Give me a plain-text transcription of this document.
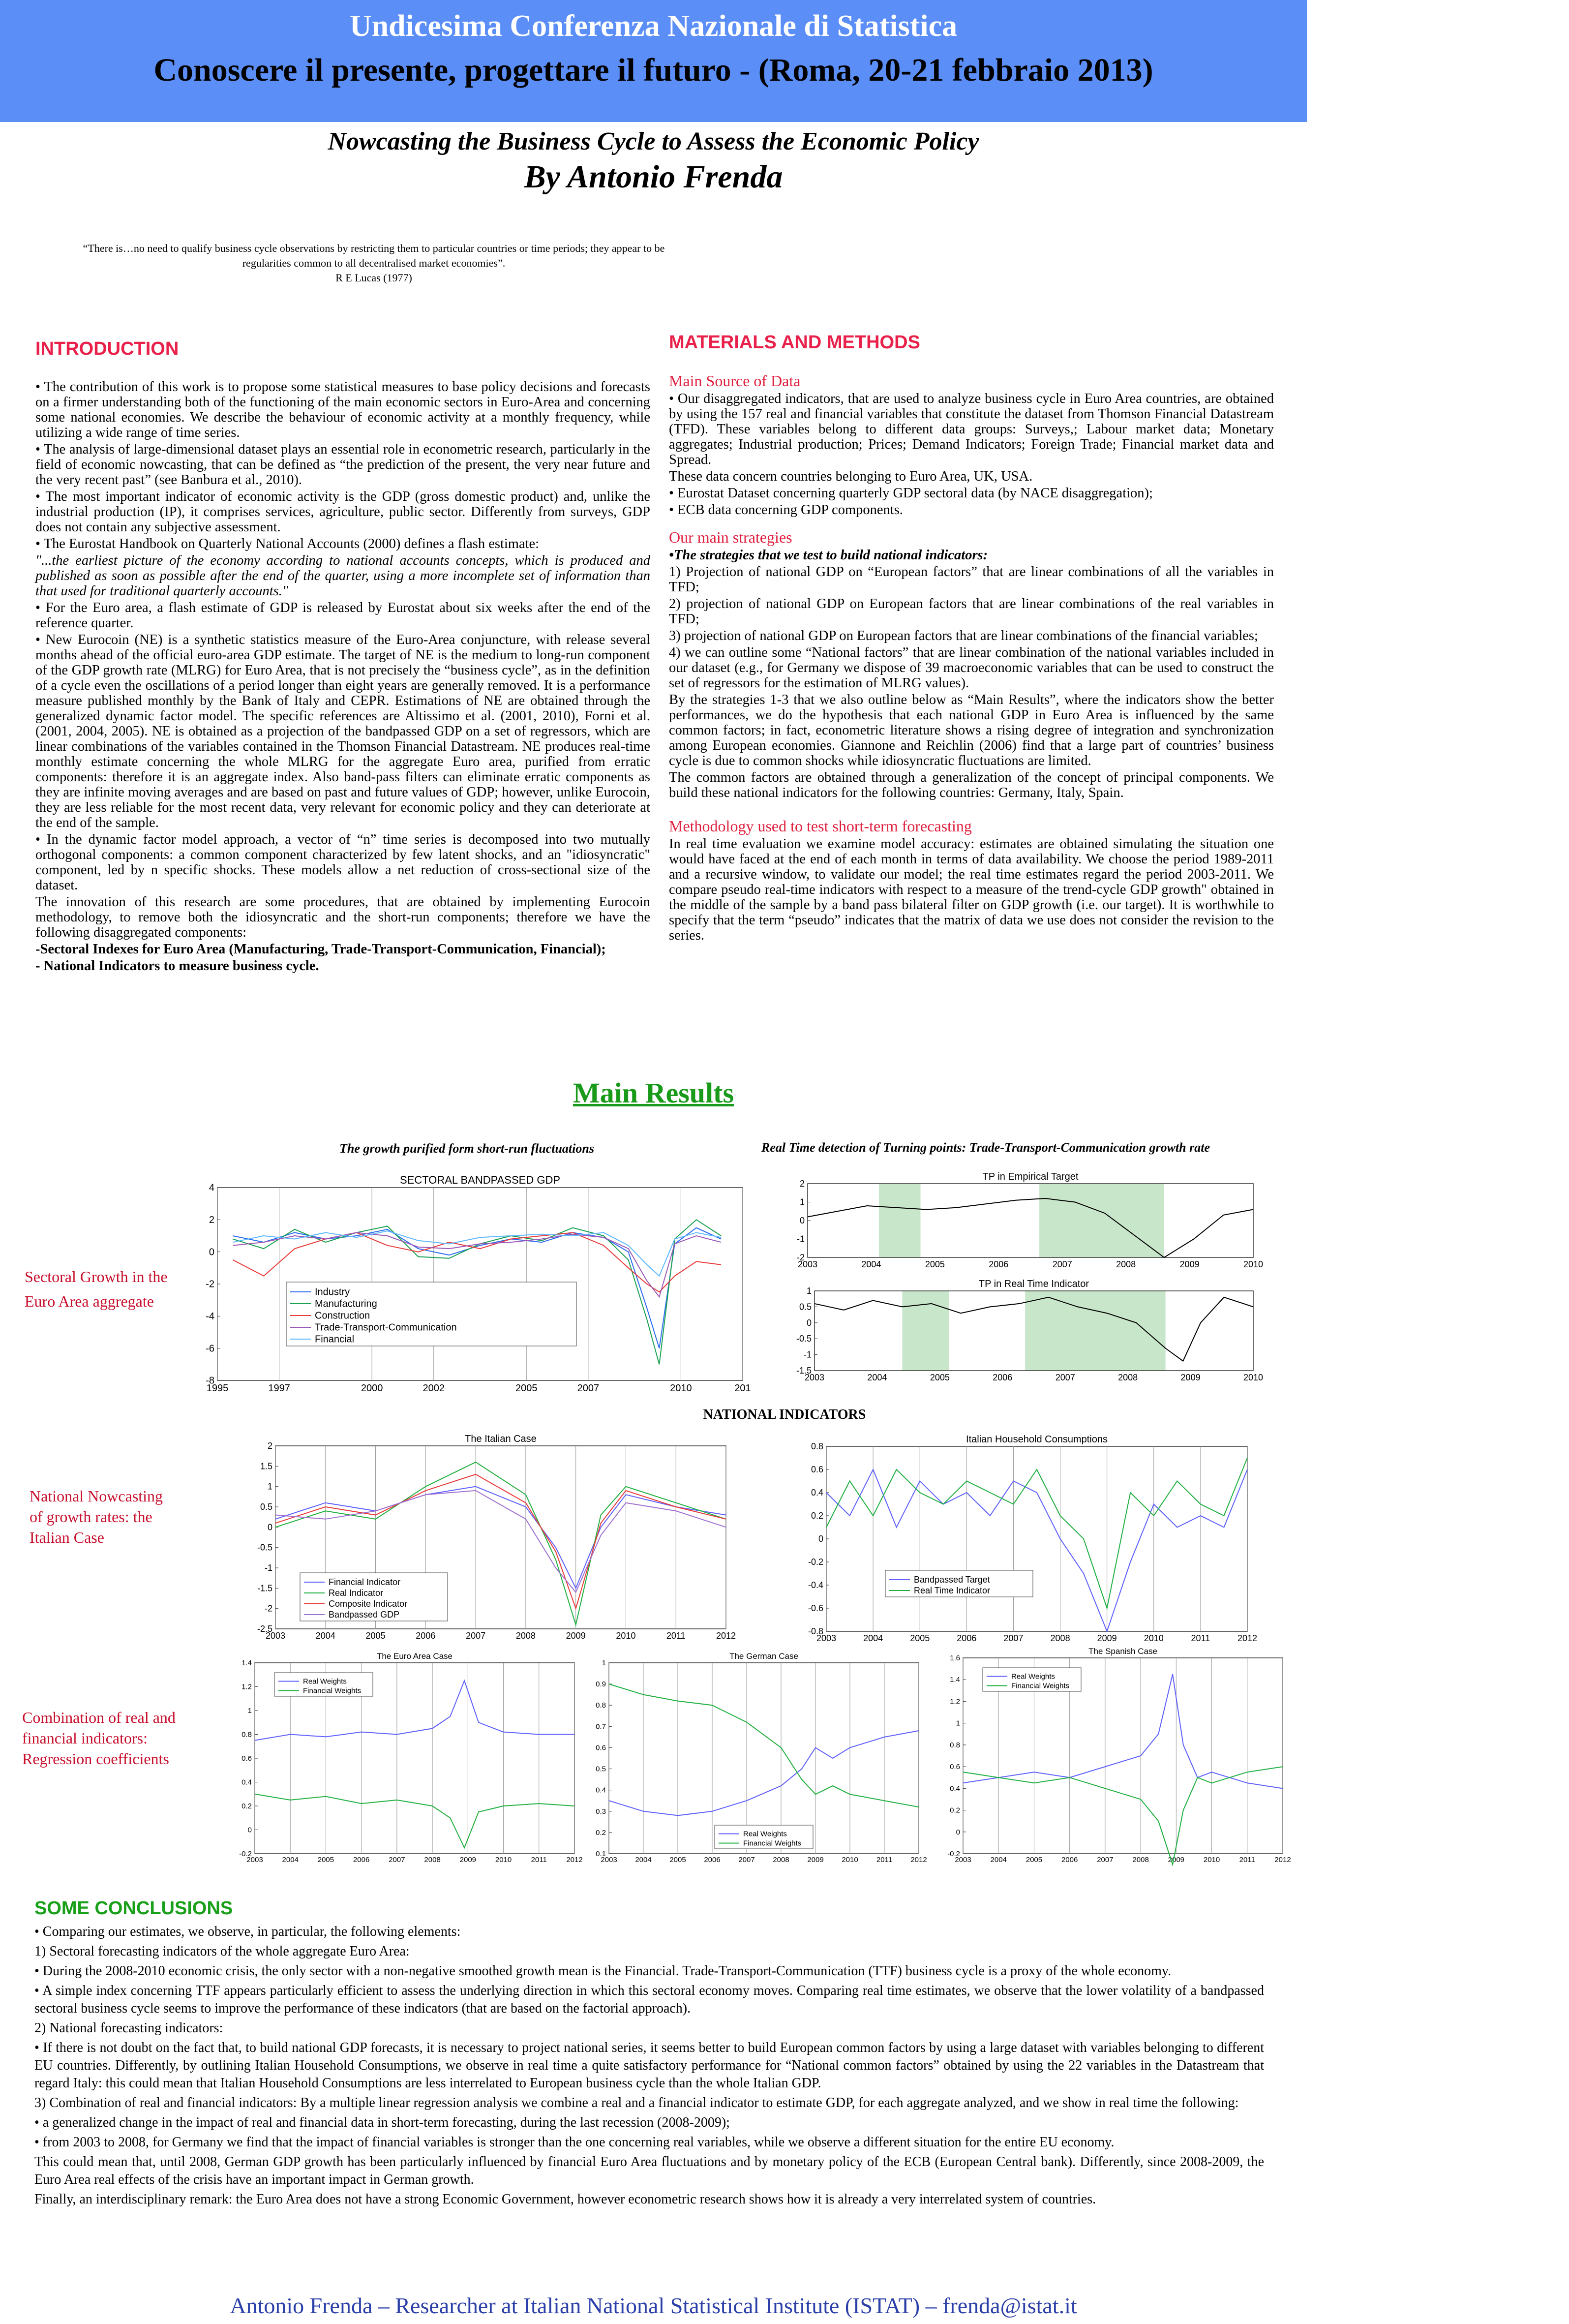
Undicesima Conferenza Nazionale di Statistica
Conoscere il presente, progettare il futuro - (Roma, 20-21 febbraio 2013)
Nowcasting the Business Cycle to Assess the Economic Policy
By Antonio Frenda
“There is…no need to qualify business cycle observations by restricting them to particular countries or time periods; they appear to be regularities common to all decentralised market economies”.
R E Lucas (1977)
INTRODUCTION

• The contribution of this work is to propose some statistical measures to base policy decisions and forecasts on a firmer understanding both of the functioning of the main economic sectors in Euro-Area and concerning some national economies. We describe the behaviour of economic activity at a monthly frequency, while utilizing a wide range of time series.

• The analysis of large-dimensional dataset plays an essential role in econometric research, particularly in the field of economic nowcasting, that can be defined as “the prediction of the present, the very near future and the very recent past” (see Banbura et al., 2010).

• The most important indicator of economic activity is the GDP (gross domestic product) and, unlike the industrial production (IP), it comprises services, agriculture, public sector. Differently from surveys, GDP does not contain any subjective assessment.

• The Eurostat Handbook on Quarterly National Accounts (2000) defines a flash estimate:

"...the earliest picture of the economy according to national accounts concepts, which is produced and published as soon as possible after the end of the quarter, using a more incomplete set of information than that used for traditional quarterly accounts."

• For the Euro area, a flash estimate of GDP is released by Eurostat about six weeks after the end of the reference quarter.

• New Eurocoin (NE) is a synthetic statistics measure of the Euro-Area conjuncture, with release several months ahead of the official euro-area GDP estimate. The target of NE is the medium to long-run component of the GDP growth rate (MLRG) for Euro Area, that is not precisely the “business cycle”, as in the definition of a cycle even the oscillations of a period longer than eight years are generally removed. It is a performance measure published monthly by the Bank of Italy and CEPR. Estimations of NE are obtained through the generalized dynamic factor model. The specific references are Altissimo et al. (2001, 2010), Forni et al. (2001, 2004, 2005). NE is obtained as a projection of the bandpassed GDP on a set of regressors, which are linear combinations of the variables contained in the Thomson Financial Datastream. NE produces real-time monthly estimate concerning the whole MLRG for the aggregate Euro area, purified from erratic components: therefore it is an aggregate index. Also band-pass filters can eliminate erratic components as they are infinite moving averages and are based on past and future values of GDP; however, unlike Eurocoin, they are less reliable for the most recent data, very relevant for economic policy and they can deteriorate at the end of the sample.

• In the dynamic factor model approach, a vector of “n” time series is decomposed into two mutually orthogonal components: a common component characterized by few latent shocks, and an "idiosyncratic" component, led by n specific shocks. These models allow a net reduction of cross-sectional size of the dataset.

The innovation of this research are some procedures, that are obtained by implementing Eurocoin methodology, to remove both the idiosyncratic and the short-run components; therefore we have the following disaggregated components:

-Sectoral Indexes for Euro Area (Manufacturing, Trade-Transport-Communication, Financial);

- National Indicators to measure business cycle.

MATERIALS AND METHODS
Main Source of Data

• Our disaggregated indicators, that are used to analyze business cycle in Euro Area countries, are obtained by using the 157 real and financial variables that constitute the dataset from Thomson Financial Datastream (TFD). These variables belong to different data groups: Surveys,; Labour market data; Monetary aggregates; Industrial production; Prices; Demand Indicators; Foreign Trade; Financial market data and Spread.

These data concern countries belonging to Euro Area, UK, USA.

• Eurostat Dataset concerning quarterly GDP sectoral data (by NACE disaggregation);

• ECB data concerning GDP components.

Our main strategies

•The strategies that we test to build national indicators:

1) Projection of national GDP on “European factors” that are linear combinations of all the variables in TFD;

2) projection of national GDP on European factors that are linear combinations of the real variables in TFD;

3) projection of national GDP on European factors that are linear combinations of the financial variables;

4) we can outline some “National factors” that are linear combination of the national variables included in our dataset (e.g., for Germany we dispose of 39 macroeconomic variables that can be used to construct the set of regressors for the estimation of MLRG values).

By the strategies 1-3 that we also outline below as “Main Results”, where the indicators show the better performances, we do the hypothesis that each national GDP in Euro Area is influenced by the same common factors; in fact, econometric literature shows a rising degree of integration and synchronization among European economies. Giannone and Reichlin (2006) find that a large part of countries’ business cycle is due to common shocks while idiosyncratic fluctuations are limited.

The common factors are obtained through a generalization of the concept of principal components. We build these national indicators for the following countries: Germany, Italy, Spain.

Methodology used to test short-term forecasting
In real time evaluation we examine model accuracy: estimates are obtained simulating the situation one would have faced at the end of each month in terms of data availability. We choose the period 1989-2011 and a recursive window, to validate our model; the real time estimates regard the period 2003-2011. We compare pseudo real-time indicators with respect to a measure of the trend-cycle GDP growth" obtained in the middle of the sample by a band pass bilateral filter on GDP growth (i.e. our target). It is worthwhile to specify that the term “pseudo” indicates that the matrix of data we use does not consider the revision to the series.
Main Results
The growth purified form short-run fluctuations	Real Time detection of Turning points: Trade-Transport-Communication growth rate
Sectoral Growth in the
Euro Area aggregate
SECTORAL BANDPASSED GDP
1995	1997	2000	2002	2005	2007	2010	201
4
2
0
-2
-4
-6
-8
Industry
Manufacturing
Construction
Trade-Transport-Communication
Financial
TP in Empirical Target
2003	2004	2005	2006	2007	2008	2009	2010
2
1
0
-1
-2
TP in Real Time Indicator
2003	2004	2005	2006	2007	2008	2009	2010
1
0.5
0
-0.5
-1
-1.5
NATIONAL INDICATORS
National Nowcasting
of growth rates: the
Italian Case
The Italian Case
2003	2004	2005	2006	2007	2008	2009	2010	2011	2012
2
1.5
1
0.5
0
-0.5
-1
-1.5
-2
-2.5
Financial Indicator
Real Indicator
Composite Indicator
Bandpassed GDP
Italian Household Consumptions
2003	2004	2005	2006	2007	2008	2009	2010	2011	2012
0.8
0.6
0.4
0.2
0
-0.2
-0.4
-0.6
-0.8
Bandpassed Target
Real Time Indicator
Combination of real and
financial indicators:
Regression coefficients
The Euro Area Case
2003	2004	2005	2006	2007	2008	2009	2010	2011	2012
1.4
1.2
1
0.8
0.6
0.4
0.2
0
-0.2
Real Weights
Financial Weights
The German Case
2003 2004 2005 2006 2007 2008 2009 2010 2011 2012
1
0.9
0.8
0.7
0.6
0.5
0.4
0.3
0.2
0.1
Real Weights
Financial Weights
The Spanish Case
2003	2004	2005	2006	2007	2008	2009	2010	2011	2012
1.6
1.4
1.2
1
0.8
0.6
0.4
0.2
0
-0.2
Real Weights
Financial Weights
SOME CONCLUSIONS

• Comparing our estimates, we observe, in particular, the following elements:

1) Sectoral forecasting indicators of the whole aggregate Euro Area:

• During the 2008-2010 economic crisis, the only sector with a non-negative smoothed growth mean is the Financial. Trade-Transport-Communication (TTF) business cycle is a proxy of the whole economy.

• A simple index concerning TTF appears particularly efficient to assess the underlying direction in which this sectoral economy moves. Comparing real time estimates, we observe that the lower volatility of a bandpassed sectoral business cycle seems to improve the performance of these indicators (that are based on the factorial approach).

2) National forecasting indicators:

• If there is not doubt on the fact that, to build national GDP forecasts, it is necessary to project national series, it seems better to build European common factors by using a large dataset with variables belonging to different EU countries. Differently, by outlining Italian Household Consumptions, we observe in real time a quite satisfactory performance for “National common factors” obtained by using the 22 variables in the Datastream that regard Italy: this could mean that Italian Household Consumptions are less interrelated to European business cycle than the whole Italian GDP.

3) Combination of real and financial indicators: By a multiple linear regression analysis we combine a real and a financial indicator to estimate GDP, for each aggregate analyzed, and we show in real time the following:

• a generalized change in the impact of real and financial data in short-term forecasting, during the last recession (2008-2009);

• from 2003 to 2008, for Germany we find that the impact of financial variables is stronger than the one concerning real variables, while we observe a different situation for the entire EU economy.

This could mean that, until 2008, German GDP growth has been particularly influenced by financial Euro Area fluctuations and by monetary policy of the ECB (European Central bank). Differently, since 2008-2009, the Euro Area real effects of the crisis have an important impact in German growth.

Finally, an interdisciplinary remark: the Euro Area does not have a strong Economic Government, however econometric research shows how it is already a very interrelated system of countries.

Antonio Frenda – Researcher at Italian National Statistical Institute (ISTAT) – frenda@istat.it
